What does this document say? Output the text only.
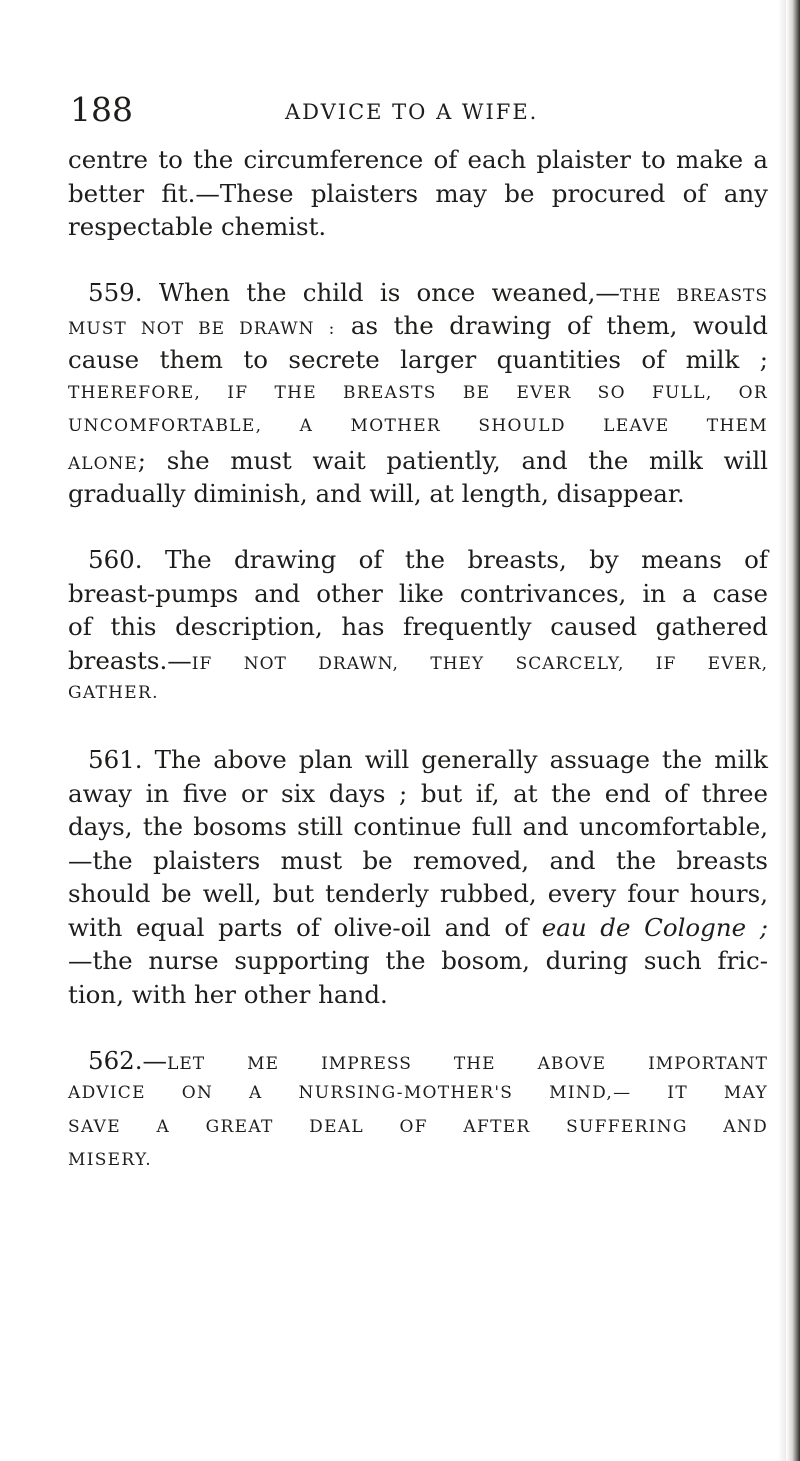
188	ADVICE TO A WIFE.
centre to the circumference of each plaister to make a
better fit.—These plaisters may be procured of any
respectable chemist.
559. When the child is once weaned,—THE BREASTS
MUST NOT BE DRAWN : as the drawing of them, would
cause them to secrete larger quantities of milk ;
THEREFORE, IF THE BREASTS BE EVER SO FULL, OR
UNCOMFORTABLE, A MOTHER SHOULD LEAVE THEM
ALONE; she must wait patiently, and the milk will
gradually diminish, and will, at length, disappear.
560. The drawing of the breasts, by means of
breast-pumps and other like contrivances, in a case
of this description, has frequently caused gathered
breasts.—IF NOT DRAWN, THEY SCARCELY, IF EVER,
GATHER.
561. The above plan will generally assuage the milk
away in five or six days ; but if, at the end of three
days, the bosoms still continue full and uncomfortable,
—the plaisters must be removed, and the breasts
should be well, but tenderly rubbed, every four hours,
with equal parts of olive-oil and of eau de Cologne ;
—the nurse supporting the bosom, during such fric-
tion, with her other hand.
562.—LET ME IMPRESS THE ABOVE IMPORTANT
ADVICE ON A NURSING-MOTHER'S MIND,— IT MAY
SAVE A GREAT DEAL OF AFTER SUFFERING AND
MISERY.
